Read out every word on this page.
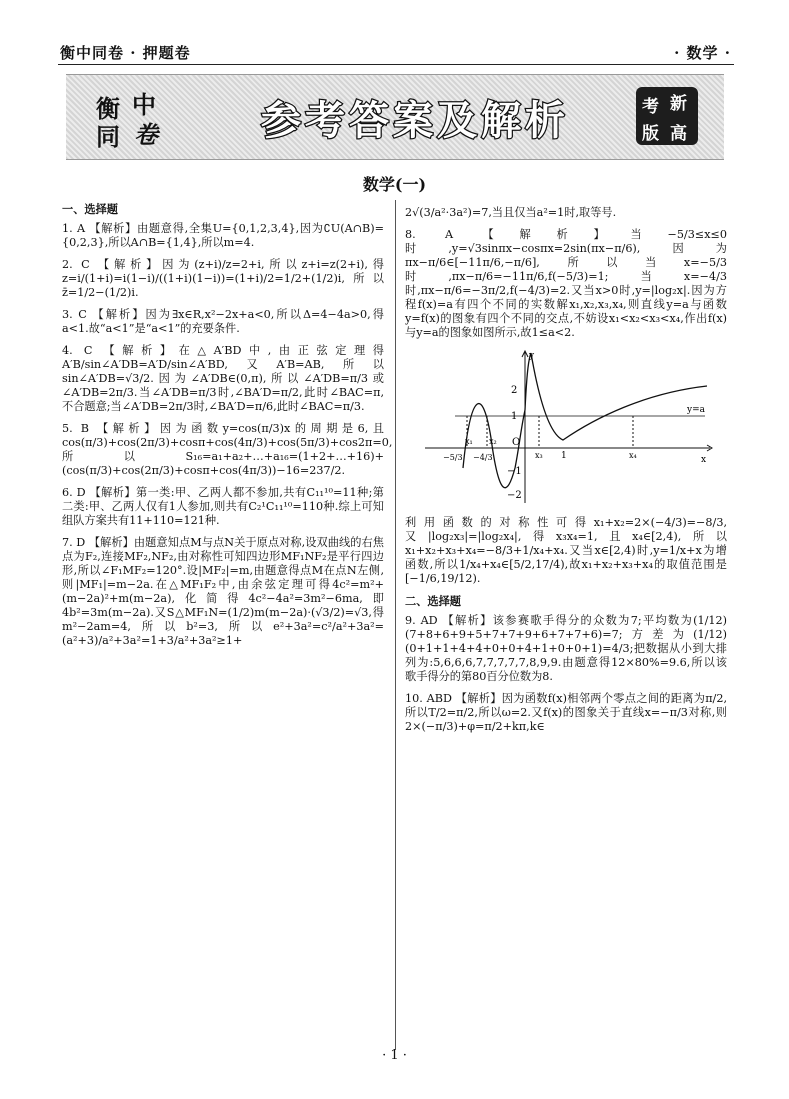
衡中同卷 · 押题卷	· 数学 ·
衡 中
同 卷	参考答案及解析	考 新
版 高
数学(一)

一、选择题

1. A 【解析】由题意得,全集U={0,1,2,3,4},因为∁U(A∩B)={0,2,3},所以A∩B={1,4},所以m=4.

2. C 【解析】因为(z+i)/z=2+i,所以z+i=z(2+i),得z=i/(1+i)=i(1−i)/((1+i)(1−i))=(1+i)/2=1/2+(1/2)i,所以z̄=1/2−(1/2)i.

3. C 【解析】因为∃x∈R,x²−2x+a<0,所以Δ=4−4a>0,得a<1.故“a<1”是“a<1”的充要条件.

4. C 【解析】在△A′BD中,由正弦定理得A′B/sin∠A′DB=A′D/sin∠A′BD,又A′B=AB,所以sin∠A′DB=√3/2.因为∠A′DB∈(0,π),所以∠A′DB=π/3或∠A′DB=2π/3.当∠A′DB=π/3时,∠BA′D=π/2,此时∠BAC=π,不合题意;当∠A′DB=2π/3时,∠BA′D=π/6,此时∠BAC=π/3.

5. B 【解析】因为函数y=cos(π/3)x的周期是6,且cos(π/3)+cos(2π/3)+cosπ+cos(4π/3)+cos(5π/3)+cos2π=0,所以S₁₆=a₁+a₂+…+a₁₆=(1+2+…+16)+(cos(π/3)+cos(2π/3)+cosπ+cos(4π/3))−16=237/2.

6. D 【解析】第一类:甲、乙两人都不参加,共有C₁₁¹⁰=11种;第二类:甲、乙两人仅有1人参加,则共有C₂¹C₁₁¹⁰=110种.综上可知组队方案共有11+110=121种.

7. D 【解析】由题意知点M与点N关于原点对称,设双曲线的右焦点为F₂,连接MF₂,NF₂,由对称性可知四边形MF₁NF₂是平行四边形,所以∠F₁MF₂=120°.设|MF₂|=m,由题意得点M在点N左侧,则|MF₁|=m−2a.在△MF₁F₂中,由余弦定理可得4c²=m²+(m−2a)²+m(m−2a),化简得4c²−4a²=3m²−6ma,即4b²=3m(m−2a).又S△MF₁N=(1/2)m(m−2a)·(√3/2)=√3,得m²−2am=4,所以b²=3,所以e²+3a²=c²/a²+3a²=(a²+3)/a²+3a²=1+3/a²+3a²≥1+

2√(3/a²·3a²)=7,当且仅当a²=1时,取等号.

8. A 【解析】当−5/3≤x≤0时,y=√3sinπx−cosπx=2sin(πx−π/6),因为πx−π/6∈[−11π/6,−π/6],所以当x=−5/3时,πx−π/6=−11π/6,f(−5/3)=1;当x=−4/3时,πx−π/6=−3π/2,f(−4/3)=2.又当x>0时,y=|log₂x|.因为方程f(x)=a有四个不同的实数解x₁,x₂,x₃,x₄,则直线y=a与函数y=f(x)的图象有四个不同的交点,不妨设x₁<x₂<x₃<x₄,作出f(x)与y=a的图象如图所示,故1≤a<2.

2
1
−1
−2
O
y=a
−5/3 −4/3
x₁ x₂
x₃ 1	x₄	x
y

利用函数的对称性可得x₁+x₂=2×(−4/3)=−8/3,又|log₂x₃|=|log₂x₄|,得x₃x₄=1,且x₄∈[2,4),所以x₁+x₂+x₃+x₄=−8/3+1/x₄+x₄.又当x∈[2,4)时,y=1/x+x为增函数,所以1/x₄+x₄∈[5/2,17/4),故x₁+x₂+x₃+x₄的取值范围是[−1/6,19/12).

二、选择题

9. AD 【解析】该参赛歌手得分的众数为7;平均数为(1/12)(7+8+6+9+5+7+7+9+6+7+7+6)=7;方差为(1/12)(0+1+1+4+4+0+0+4+1+0+0+1)=4/3;把数据从小到大排列为:5,6,6,6,7,7,7,7,7,8,9,9.由题意得12×80%=9.6,所以该歌手得分的第80百分位数为8.

10. ABD 【解析】因为函数f(x)相邻两个零点之间的距离为π/2,所以T/2=π/2,所以ω=2.又f(x)的图象关于直线x=−π/3对称,则2×(−π/3)+φ=π/2+kπ,k∈

· 1 ·
